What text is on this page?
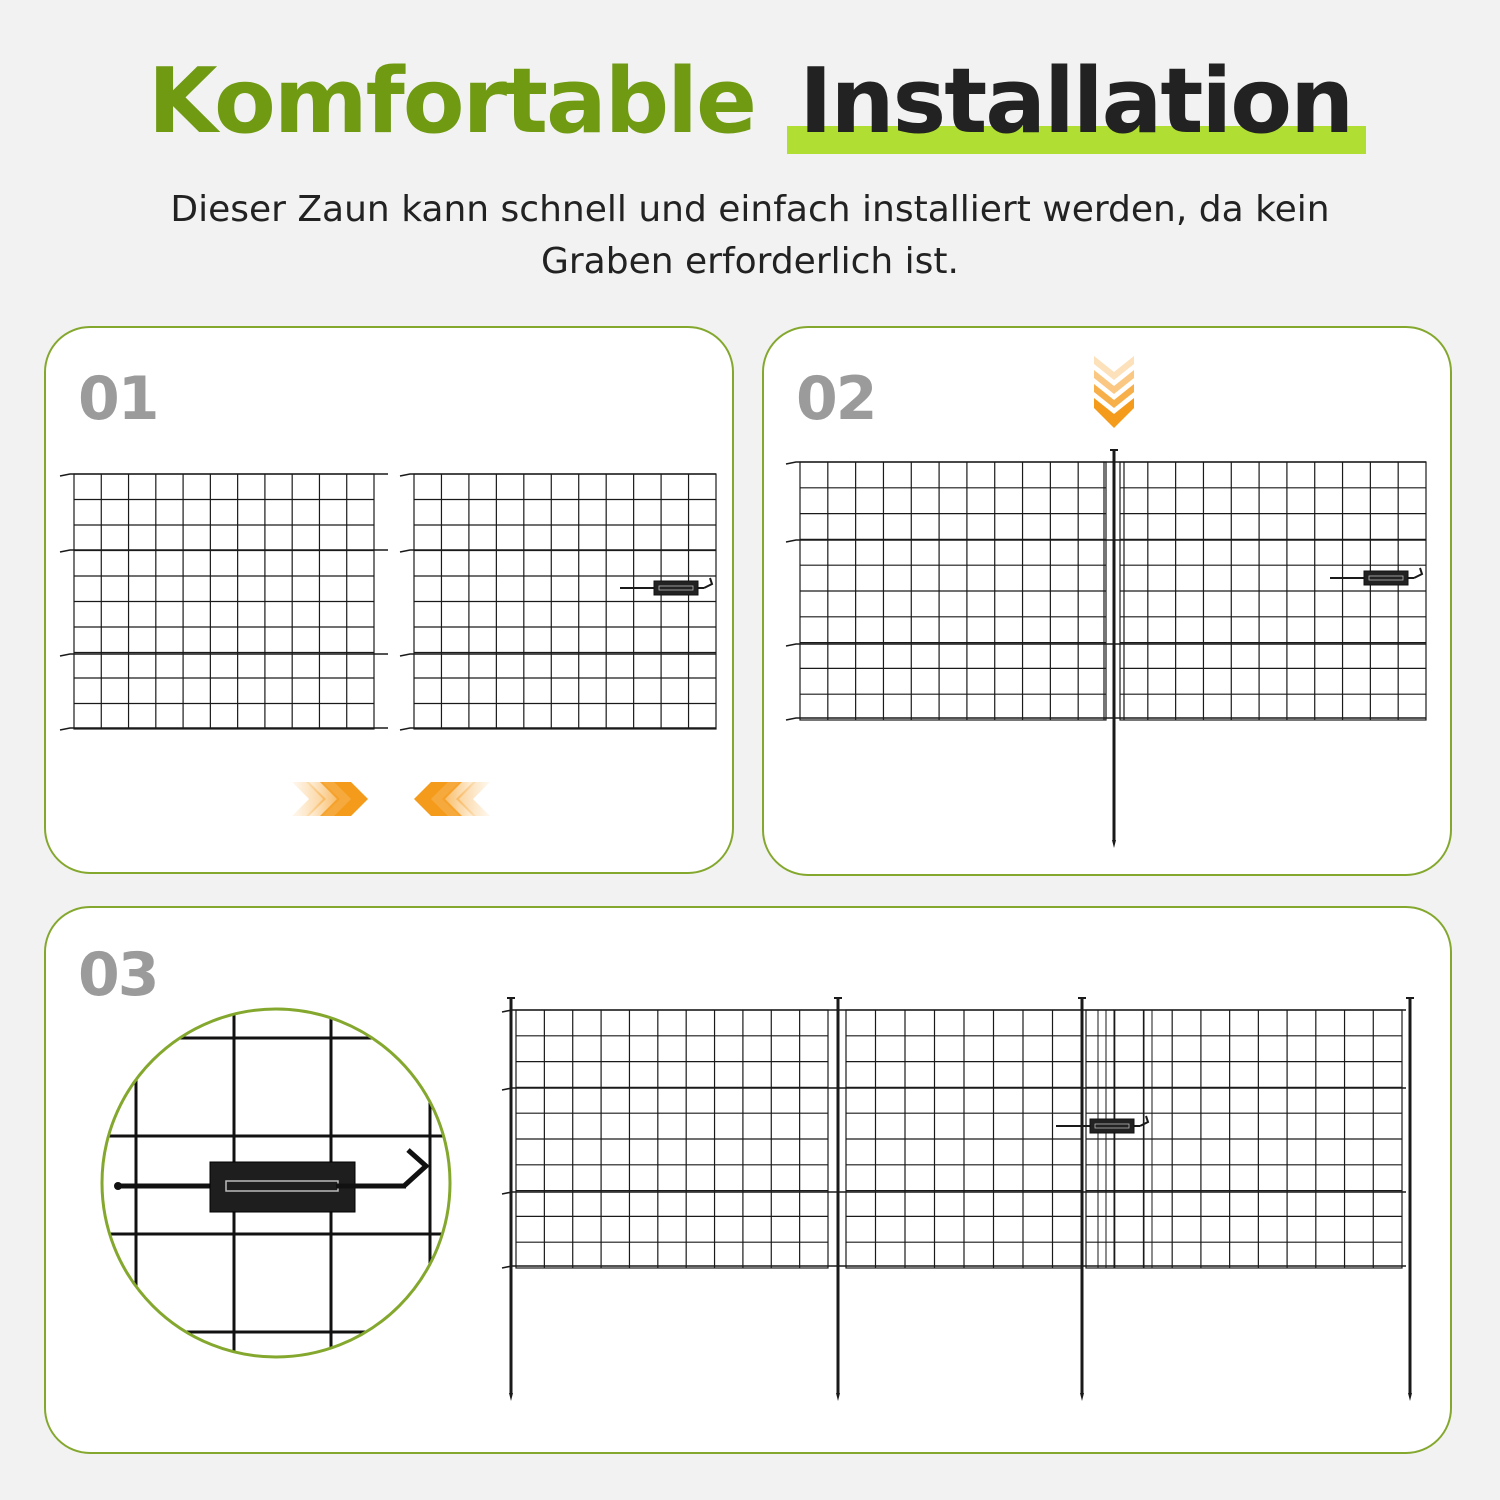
Komfortable Installation
Dieser Zaun kann schnell und einfach installiert werden, da kein Graben erforderlich ist.
01	02
03
